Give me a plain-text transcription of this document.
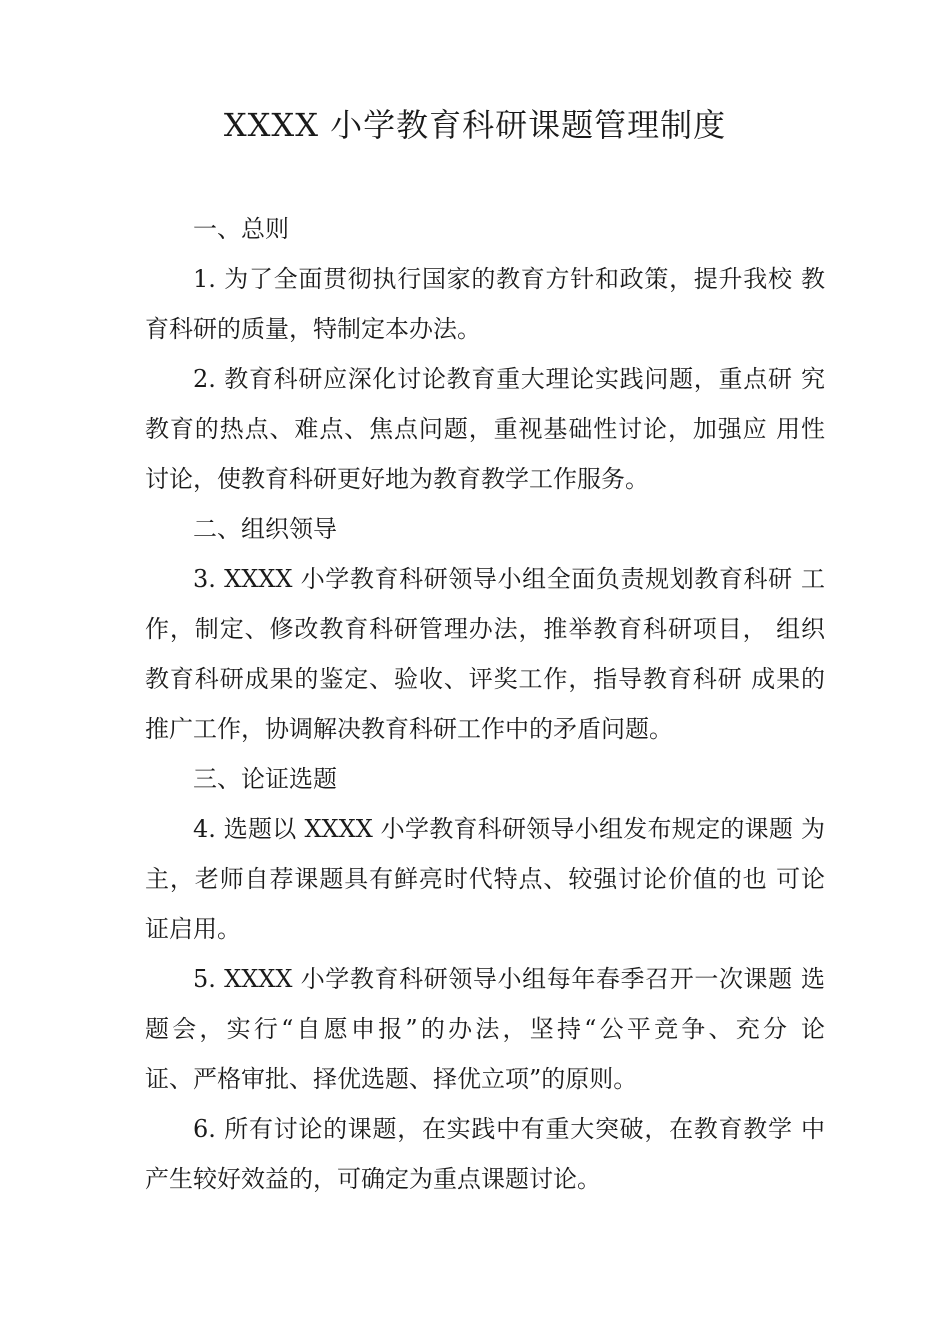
XXXX 小学教育科研课题管理制度
一、总则
1. 为了全面贯彻执行国家的教育方针和政策，提升我校 教
育科研的质量，特制定本办法。
2. 教育科研应深化讨论教育重大理论实践问题，重点研 究
教育的热点、难点、焦点问题，重视基础性讨论，加强应 用性
讨论，使教育科研更好地为教育教学工作服务。
二、组织领导
3. XXXX 小学教育科研领导小组全面负责规划教育科研 工
作，制定、修改教育科研管理办法，推举教育科研项目， 组织
教育科研成果的鉴定、验收、评奖工作，指导教育科研 成果的
推广工作，协调解决教育科研工作中的矛盾问题。
三、论证选题
4. 选题以 XXXX 小学教育科研领导小组发布规定的课题 为
主，老师自荐课题具有鲜亮时代特点、较强讨论价值的也 可论
证启用。
5. XXXX 小学教育科研领导小组每年春季召开一次课题 选
题会，实行“自愿申报”的办法，坚持“公平竞争、充分 论
证、严格审批、择优选题、择优立项”的原则。
6. 所有讨论的课题，在实践中有重大突破，在教育教学 中
产生较好效益的，可确定为重点课题讨论。
